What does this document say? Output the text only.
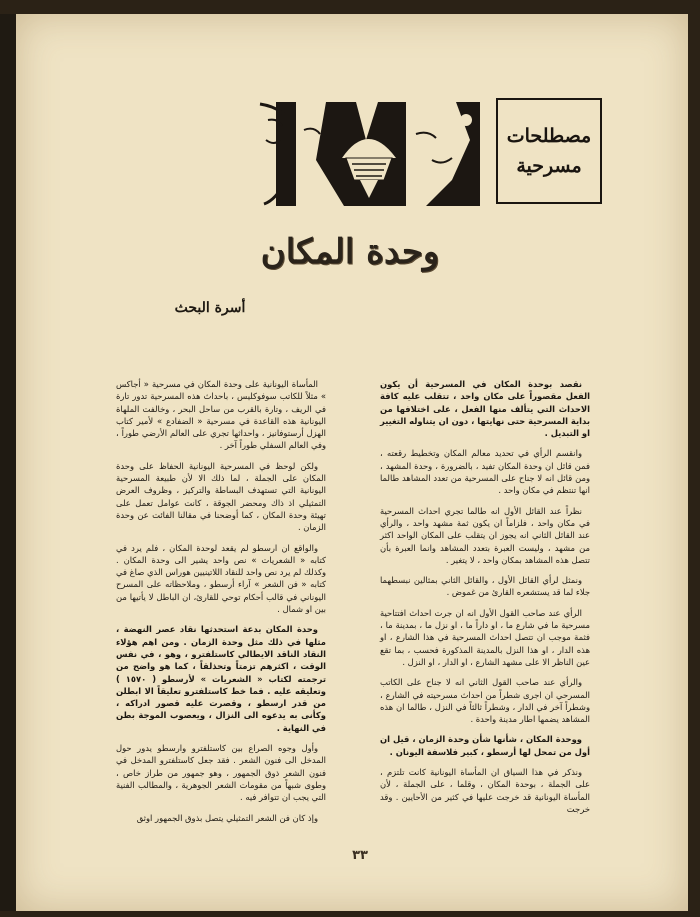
مصطلحات
مسرحية
وحدة المكان
أسرة البحث

نقصد بوحدة المكان في المسرحية أن يكون الفعل مقصوراً على مكان واحد ، تتقلب عليه كافة الاحداث التي يتألف منها الفعل ، على اختلافها من بداية المسرحية حتى نهايتها ، دون ان يتناوله التغيير او التبديل .

وانقسم الرأي في تحديد معالم المكان وتخطيط رقعته ، فمن قائل ان وحدة المكان تفيد ، بالضرورة ، وحدة المشهد ، ومن قائل انه لا جناح على المسرحية من تعدد المشاهد طالما انها تنتظم في مكان واحد .

نظراً عند القائل الأول انه طالما تجري احداث المسرحية في مكان واحد ، فلزاماً ان يكون ثمة مشهد واحد ، والرأي عند القائل الثاني انه يجوز ان يتقلب على المكان الواحد اكثر من مشهد ، وليست العبرة بتعدد المشاهد وانما العبرة بأن تتصل هذه المشاهد بمكان واحد ، لا يتغير .

ونمثل لرأي القائل الأول ، والقائل الثاني بمثالين نبسطهما جلاء لما قد يستشعره القارئ من غموض .

الرأي عند صاحب القول الأول انه ان جرت احداث افتتاحية مسرحية ما في شارع ما ، او داراً ما ، او نزل ما ، بمدينة ما ، فثمة موجب ان تتصل احداث المسرحية في هذا الشارع ، او هذه الدار ، او هذا النزل بالمدينة المذكورة فحسب ، بما تقع عين الناظر الا على مشهد الشارع ، او الدار ، او النزل .

والرأي عند صاحب القول الثاني انه لا جناح على الكاتب المسرحي ان اجرى شطراً من احداث مسرحيته في الشارع ، وشطراً آخر في الدار ، وشطراً ثالثاً في النزل ، طالما ان هذه المشاهد يضمها اطار مدينة واحدة .

ووحدة المكان ، شأنها شأن وحدة الزمان ، قيل ان أول من تمحل لها أرسطو ، كبير فلاسفة اليونان .

ونذكر في هذا السياق ان المأساة اليونانية كانت تلتزم ، على الجملة ، بوحدة المكان ، وقلما ، على الجملة ، لأن المأساة اليونانية قد خرجت عليها في كثير من الأحايين . وقد خرجت

المأساة اليونانية على وحدة المكان في مسرحية « أجاكس » مثلاً للكاتب سوفوكليس ، باحداث هذه المسرحية تدور تارة في الريف ، وتارة بالقرب من ساحل البحر ، وخالفت الملهاة اليونانية هذه القاعدة في مسرحية « الضفادع » لأمير كتاب الهزل أرستوفانيز ، واحداثها تجري على العالم الأرضي طوراً ، وفي العالم السفلي طوراً آخر .

ولكن لوحظ في المسرحية اليونانية الحفاظ على وحدة المكان على الجملة ، لما ذلك الا لأن طبيعة المسرحية اليونانية التي تستهدف البساطة والتركيز ، وظروف العرض التمثيلي اذ ذاك ومحضر الجوقة ، كانت عوامل تعمل على تهيئة وحدة المكان ، كما أوضحنا في مقالنا الفائت عن وحدة الزمان .

والواقع ان ارسطو لم يقعد لوحدة المكان ، فلم يرد في كتابه « الشعريات » نص واحد يشير الى وحدة المكان . وكذلك لم يرد نص واحد للنقاد اللاتينيين هوراس الذي صاغ في كتابه « فن الشعر » آراء أرسطو ، وملاحظاته على المسرح اليوناني في قالب أحكام توحي للقارئ، ان الباطل لا يأتيها من بين او شمال .

وحدة المكان بدعة استحدثها نقاد عصر النهضة ، مثلها في ذلك مثل وحدة الزمان . ومن اهم هؤلاء النقاد الناقد الايطالي كاستلفترو ، وهو ، في نفس الوقت ، اكثرهم تزمتاً وتحذلقاً ، كما هو واضح من ترجمته لكتاب « الشعريات » لأرسطو ( ١٥٧٠ ) وتعليقه عليه . فما خط كاستلفترو تعليقاً الا ابطلن من قدر ارسطو ، وقصرت عليه قصور ادراكه ، وكأنى به يدعوه الى النزال ، ويعصوب الموجة بطن في النهاية .

وأول وجوه الصراع بين كاستلفترو وارسطو يدور حول المدخل الى فنون الشعر . فقد جعل كاستلفترو المدخل في فنون الشعر ذوق الجمهور ، وهو جمهور من طراز خاص ، وطوى شبهاً من مقومات الشعر الجوهرية ، والمطالب الفنية التي يجب ان تتوافر فيه .

وإذ كان فن الشعر التمثيلي يتصل بذوق الجمهور اوثق

٣٣
